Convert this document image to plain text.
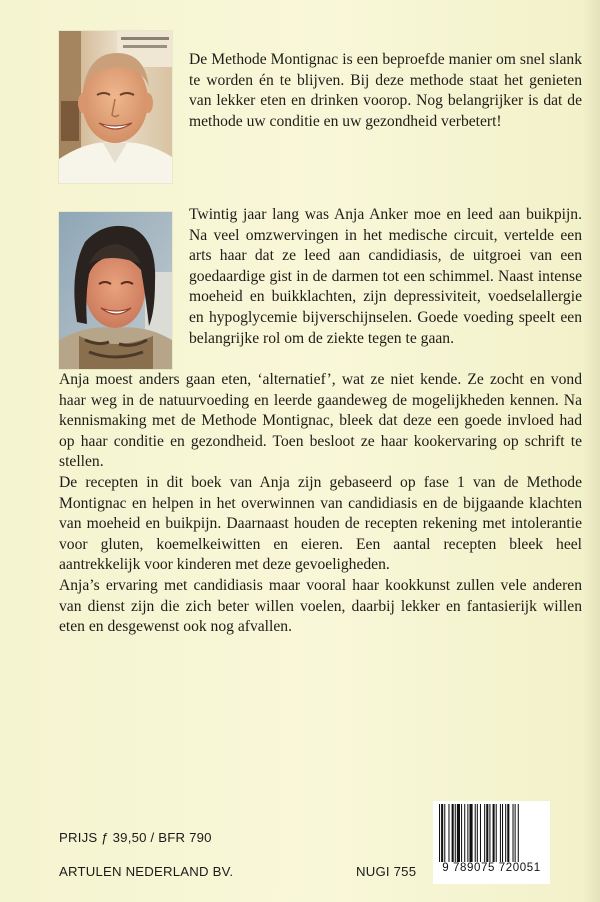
De Methode Montignac is een beproefde manier om snel slank te worden én te blijven. Bij deze methode staat het genieten van lekker eten en drinken voorop. Nog belangrijker is dat de methode uw conditie en uw gezondheid verbetert!
Twintig jaar lang was Anja Anker moe en leed aan buikpijn. Na veel omzwervingen in het medische circuit, vertelde een arts haar dat ze leed aan candidiasis, de uitgroei van een goedaardige gist in de darmen tot een schimmel. Naast intense moeheid en buikklachten, zijn depressiviteit, voedselallergie en hypoglycemie bijverschijnselen. Goede voeding speelt een belangrijke rol om de ziekte tegen te gaan.

Anja moest anders gaan eten, ‘alternatief’, wat ze niet kende. Ze zocht en vond haar weg in de natuurvoeding en leerde gaandeweg de mogelijkheden kennen. Na kennismaking met de Methode Montignac, bleek dat deze een goede invloed had op haar conditie en gezondheid. Toen besloot ze haar kookervaring op schrift te stellen.

De recepten in dit boek van Anja zijn gebaseerd op fase 1 van de Methode Montignac en helpen in het overwinnen van candidiasis en de bijgaande klachten van moeheid en buikpijn. Daarnaast houden de recepten rekening met intolerantie voor gluten, koemelkeiwitten en eieren. Een aantal recepten bleek heel aantrekkelijk voor kinderen met deze gevoeligheden.

Anja’s ervaring met candidiasis maar vooral haar kookkunst zullen vele anderen van dienst zijn die zich beter willen voelen, daarbij lekker en fantasierijk willen eten en desgewenst ook nog afvallen.

PRIJS ƒ 39,50 / BFR 790
ARTULEN NEDERLAND BV.	NUGI 755	9 789075 720051
